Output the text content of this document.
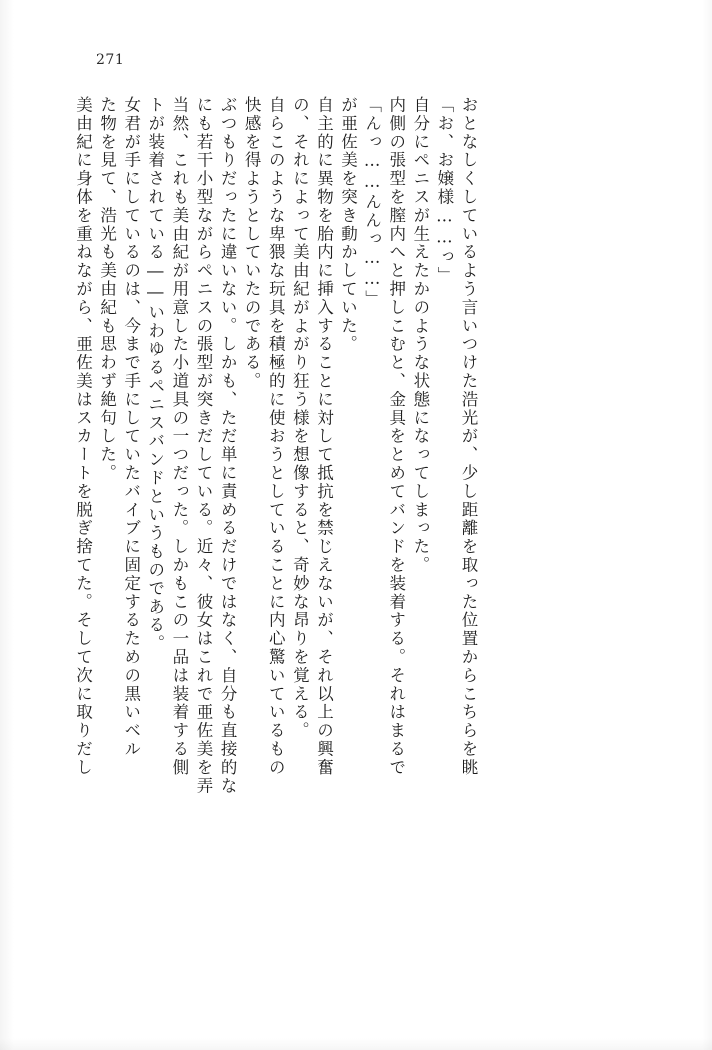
271
美由紀に身体を重ねながら、亜佐美はスカートを脱ぎ捨てた。そして次に取りだし た物を見て、浩光も美由紀も思わず絶句した。 女君が手にしているのは、今まで手にしていたバイブに固定するための黒いベル トが装着されている――いわゆるペニスバンドというものである。 当然、これも美由紀が用意した小道具の一つだった。しかもこの一品は装着する側 にも若干小型ながらペニスの張型が突きだしている。近々、彼女はこれで亜佐美を弄 ぶつもりだったに違いない。しかも、ただ単に責めるだけではなく、自分も直接的な 快感を得ようとしていたのである。 自らこのような卑猥な玩具を積極的に使おうとしていることに内心驚いているもの の、それによって美由紀がよがり狂う様を想像すると、奇妙な昂りを覚える。 自主的に異物を胎内に挿入することに対して抵抗を禁じえないが、それ以上の興奮 が亜佐美を突き動かしていた。 「んっ……んんっ……」 内側の張型を膣内へと押しこむと、金具をとめてバンドを装着する。それはまるで 自分にペニスが生えたかのような状態になってしまった。 「お、お嬢様……っ」 おとなしくしているよう言いつけた浩光が、少し距離を取った位置からこちらを眺
